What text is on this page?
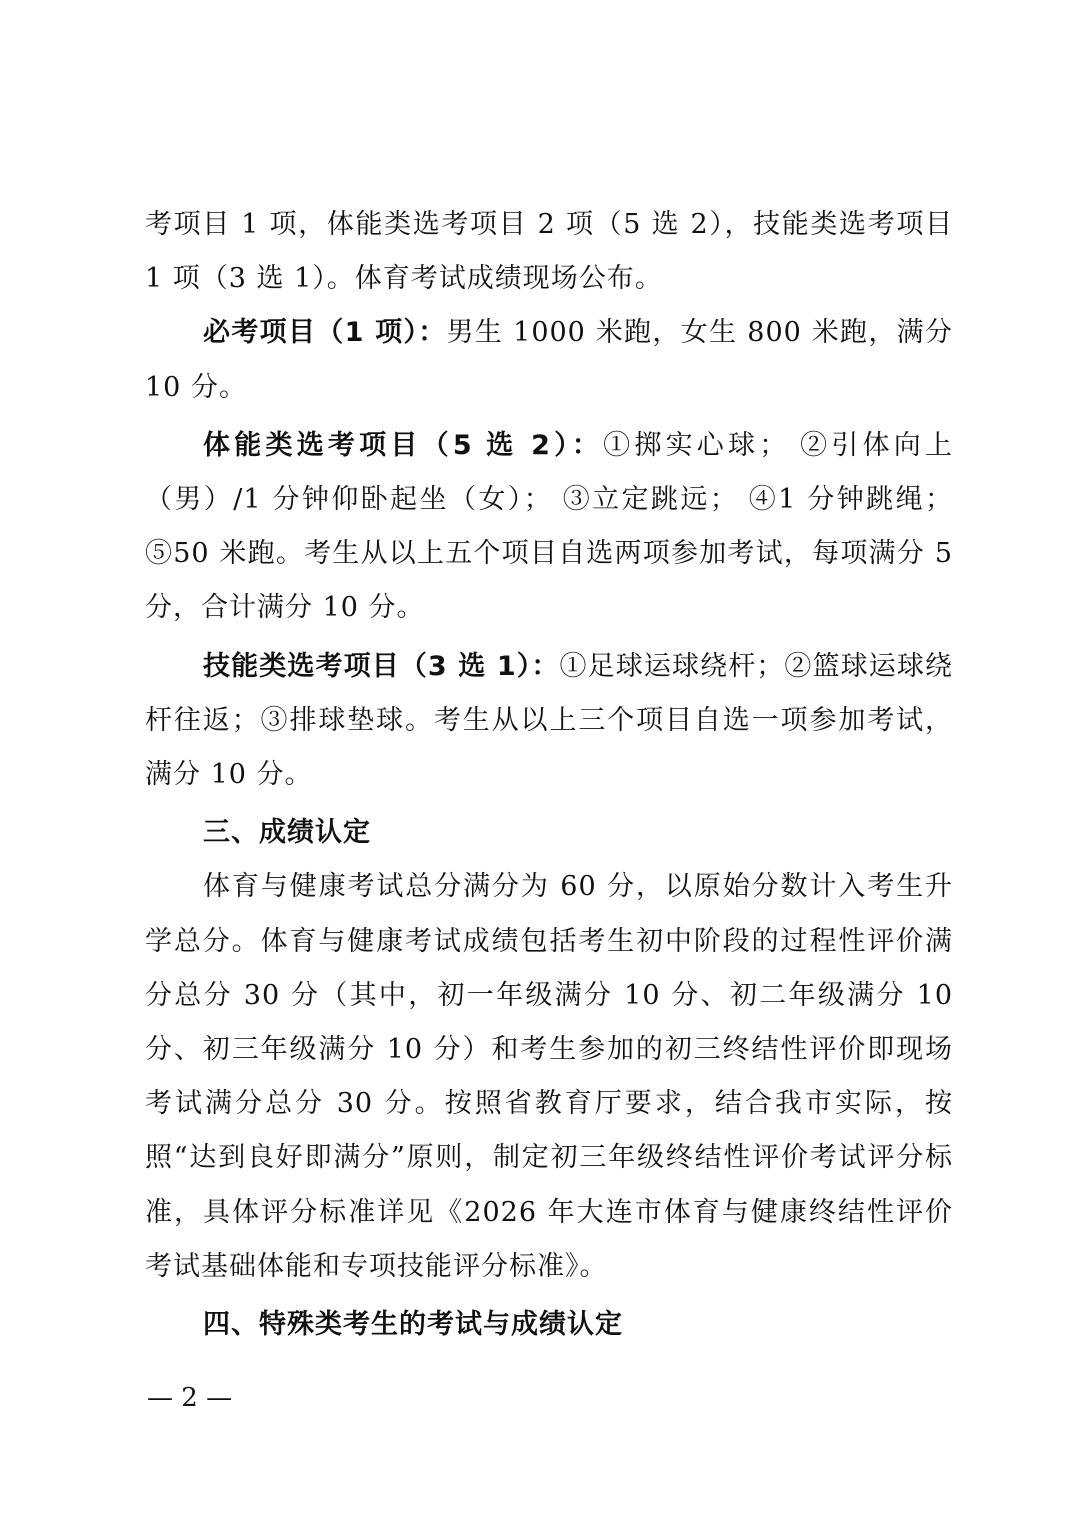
考项目 1 项，体能类选考项目 2 项（5 选 2），技能类选考项目 1 项（3 选 1）。体育考试成绩现场公布。

必考项目（1 项）：男生 1000 米跑，女生 800 米跑，满分 10 分。

体能类选考项目（5 选 2）：①掷实心球； ②引体向上（男）/1 分钟仰卧起坐（女）； ③立定跳远； ④1 分钟跳绳； ⑤50 米跑。考生从以上五个项目自选两项参加考试，每项满分 5 分，合计满分 10 分。

技能类选考项目（3 选 1）：①足球运球绕杆；②篮球运球绕杆往返；③排球垫球。考生从以上三个项目自选一项参加考试，满分 10 分。

三、成绩认定

体育与健康考试总分满分为 60 分，以原始分数计入考生升学总分。体育与健康考试成绩包括考生初中阶段的过程性评价满分总分 30 分（其中，初一年级满分 10 分、初二年级满分 10 分、初三年级满分 10 分）和考生参加的初三终结性评价即现场考试满分总分 30 分。按照省教育厅要求，结合我市实际，按照“达到良好即满分”原则，制定初三年级终结性评价考试评分标准，具体评分标准详见《2026 年大连市体育与健康终结性评价考试基础体能和专项技能评分标准》。

四、特殊类考生的考试与成绩认定

— 2 —
